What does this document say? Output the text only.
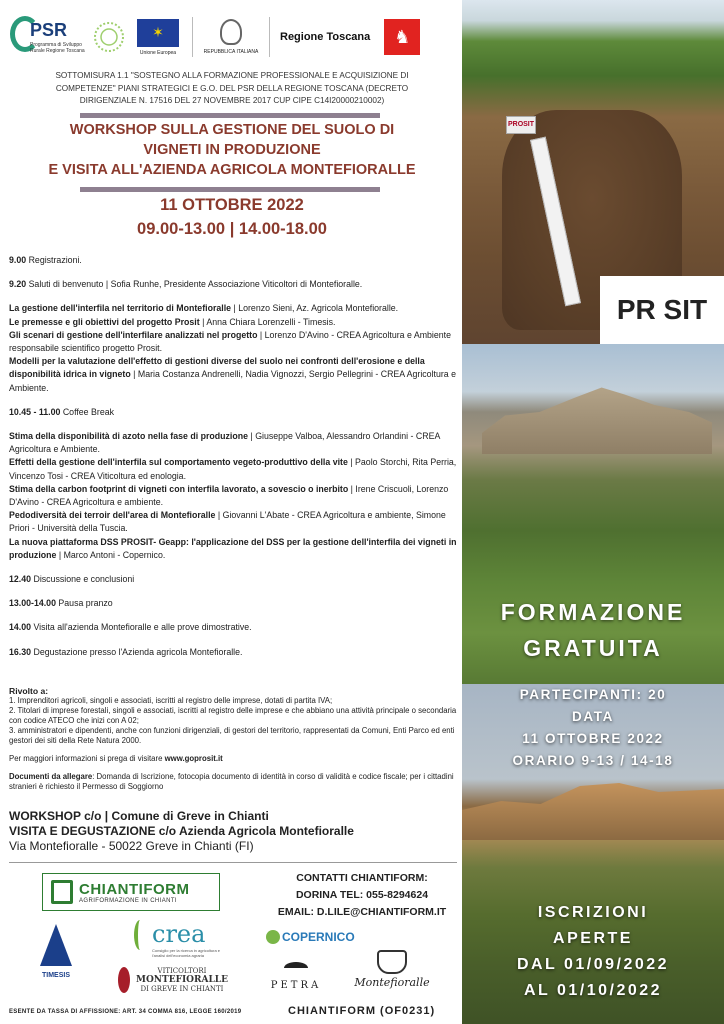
PSR
Programma di Sviluppo Rurale Regione Toscana
✶
Unione Europea	REPUBBLICA ITALIANA
Regione Toscana	♞
SOTTOMISURA 1.1 "SOSTEGNO ALLA FORMAZIONE PROFESSIONALE E ACQUISIZIONE DI COMPETENZE" PIANI STRATEGICI E G.O. DEL PSR DELLA REGIONE TOSCANA (DECRETO DIRIGENZIALE N. 17516 DEL 27 NOVEMBRE 2017 CUP CIPE C14I20000210002)
WORKSHOP SULLA GESTIONE DEL SUOLO DI
VIGNETI IN PRODUZIONE
E VISITA ALL'AZIENDA AGRICOLA MONTEFIORALLE
11 OTTOBRE 2022
09.00-13.00 | 14.00-18.00
9.00 Registrazioni.
9.20 Saluti di benvenuto | Sofia Runhe, Presidente Associazione Viticoltori di Montefioralle.
La gestione dell'interfila nel territorio di Montefioralle | Lorenzo Sieni, Az. Agricola Montefioralle.
Le premesse e gli obiettivi del progetto Prosit | Anna Chiara Lorenzelli - Timesis.
Gli scenari di gestione dell'interfilare analizzati nel progetto | Lorenzo D'Avino - CREA Agricoltura e Ambiente responsabile scientifico progetto Prosit.
Modelli per la valutazione dell'effetto di gestioni diverse del suolo nei confronti dell'erosione e della disponibilità idrica in vigneto | Maria Costanza Andrenelli, Nadia Vignozzi, Sergio Pellegrini - CREA Agricoltura e Ambiente.
10.45 - 11.00 Coffee Break
Stima della disponibilità di azoto nella fase di produzione | Giuseppe Valboa, Alessandro Orlandini - CREA Agricoltura e Ambiente.
Effetti della gestione dell'interfila sul comportamento vegeto-produttivo della vite | Paolo Storchi, Rita Perria, Vincenzo Tosi - CREA Viticoltura ed enologia.
Stima della carbon footprint di vigneti con interfila lavorato, a sovescio o inerbito | Irene Criscuoli, Lorenzo D'Avino - CREA Agricoltura e ambiente.
Pedodiversità dei terroir dell'area di Montefioralle | Giovanni L'Abate - CREA Agricoltura e ambiente, Simone Priori - Università della Tuscia.
La nuova piattaforma DSS PROSIT- Geapp: l'applicazione del DSS per la gestione dell'interfila dei vigneti in produzione | Marco Antoni - Copernico.
12.40 Discussione e conclusioni
13.00-14.00 Pausa pranzo
14.00 Visita all'azienda Montefioralle e alle prove dimostrative.
16.30 Degustazione presso l'Azienda agricola Montefioralle.
Rivolto a:
1. Imprenditori agricoli, singoli e associati, iscritti al registro delle imprese, dotati di partita IVA;
2. Titolari di imprese forestali, singoli e associati, iscritti al registro delle imprese e che abbiano una attività principale o secondaria con codice ATECO che inizi con A 02;
3. amministratori e dipendenti, anche con funzioni dirigenziali, di gestori del territorio, rappresentati da Comuni, Enti Parco ed enti gestori dei siti della Rete Natura 2000.
Per maggiori informazioni si prega di visitare www.goprosit.it
Documenti da allegare: Domanda di Iscrizione, fotocopia documento di identità in corso di validità e codice fiscale; per i cittadini stranieri è richiesto il Permesso di Soggiorno
WORKSHOP c/o | Comune di Greve in Chianti
VISITA E DEGUSTAZIONE c/o Azienda Agricola Montefioralle
Via Montefioralle - 50022 Greve in Chianti (FI)
CHIANTIFORM
AGRIFORMAZIONE IN CHIANTI
CONTATTI CHIANTIFORM:
DORINA TEL: 055-8294624
EMAIL: D.LILE@CHIANTIFORM.IT
TIMESIS
crea
Consiglio per la ricerca in agricoltura e l'analisi dell'economia agraria
COPERNICO
VITICOLTORI
MONTEFIORALLE
DI GREVE IN CHIANTI	PETRA	Montefioralle
ESENTE DA TASSA DI AFFISSIONE: ART. 34 COMMA 816, LEGGE 160/2019	CHIANTIFORM (OF0231)
PROSIT
PR SIT
FORMAZIONE
GRATUITA
PARTECIPANTI: 20
DATA
11 OTTOBRE 2022
ORARIO 9-13 / 14-18
ISCRIZIONI
APERTE
DAL 01/09/2022
AL 01/10/2022
